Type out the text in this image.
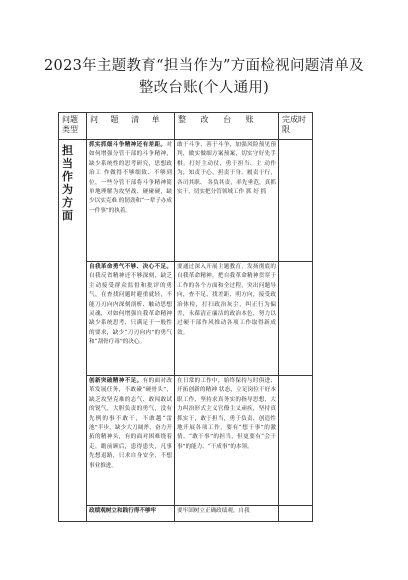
2023年主题教育“担当作为”方面检视问题清单及
整改台账(个人通用)
问题类型	问 题 清 单	整 改 台 账	完成时限
担当作为方面	抓实抓细斗争精神还有差距。对如何增强分管干部的斗争精神，缺少系统性的思考研究，思想政治工 作做得不够细致、不够到位，一些分管干部将斗争精神简单地理解为攻坚战、硬碰硬，缺少以实克难 的韧劲和“一辈子办成一件事”的执着。	敢于斗争、善于斗争，加强风险预见预判，做实做细方案预案，切实守好先手棋，打好主动仗，勇于担当、主 动作为，知责于心、担责于身、履责于行，各司其职、 各负其责，率先垂范，真抓实干，切实把分管领域工作 抓 好 抓	

	自我革命勇气不够、决心不足。自我反省精神还不够深刻，缺乏主动接受群众监督和批评的勇气，在查找问题时避重就轻，不能刀刃向内深刻剖析、触动思想灵魂，对如何增强自我革命精神缺少系统思考，只满足于一般性的要求，缺少“刀刃向内”的勇气和“刮骨疗毒”的决心。	要通过深入开展主题教育，发扬彻底的自我革命精神，把自我革命精神贯穿于工作的各个方面和全过程，突出问题导向，查不足、找差距、明方向，接受政治体检，打扫政治灰尘，纠正行为偏差，永葆清正廉洁的政治本色，努力以过硬干部作风推动各项工作取得新成效。	

	创新突破精神不足。有的面对改革发展任务，不敢碰“硬骨头”，缺乏攻坚克难的志气、敢闯敢试的锐气，大胆负责的勇气，没有先例的事不敢干，不敢越“雷池”半步，缺少大刀阔斧、奋力开拓的精神头，有的面对困难绕着走，瞻前顾后，患得患失，凡事先想退路，只求自身安全，不想事业推进。	在日常的工作中，始终保持与时俱进、开拓创新的精神 状态，立足岗位干好本职工作，坚持求真务实的指导思想，大力纠治形式主义官僚主义顽疾，坚持真抓实干，敢于担当，勇于负责，创造性地开展各项工作，要有“想干事”的激情、“敢干事”的担当，但更要有“会干事”的能力、“干成事”的本领。	

	政绩观树立和践行得不够牢	要牢固树立正确政绩观，自我	
